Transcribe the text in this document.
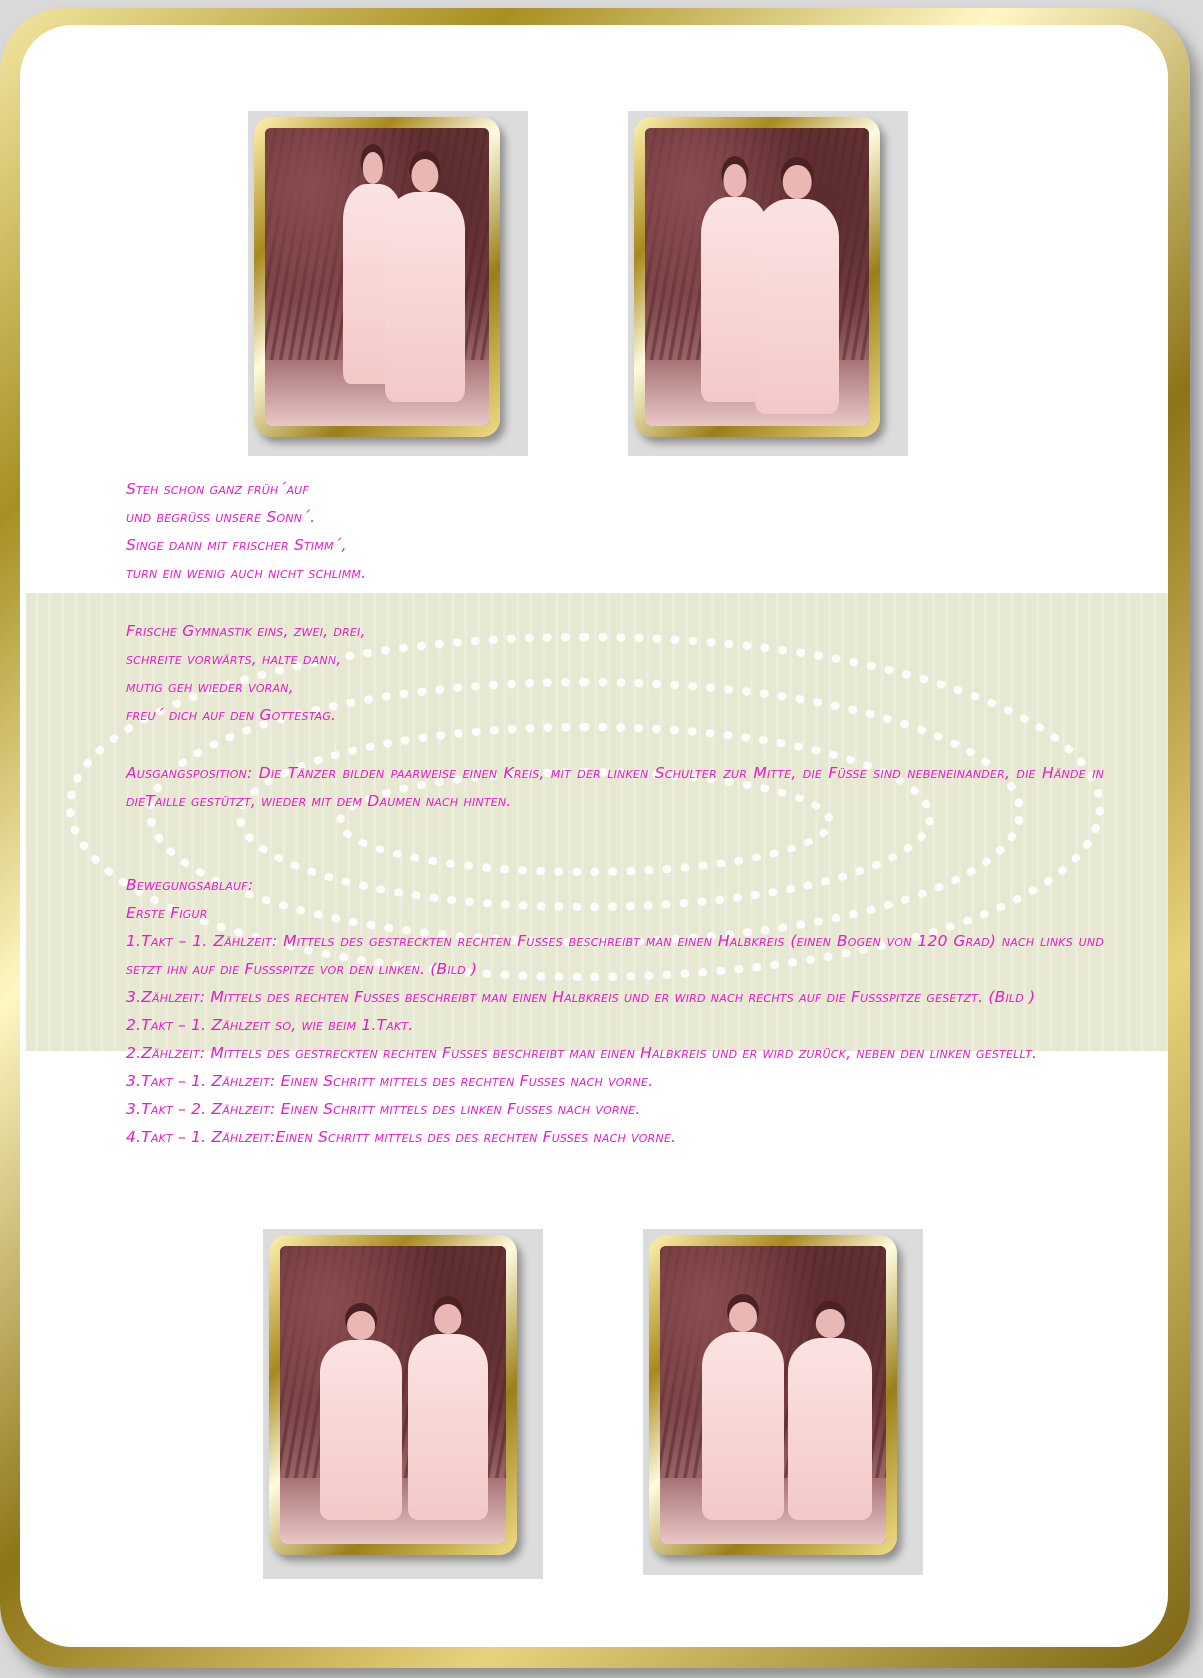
Steh schon ganz früh´auf
und begrüss unsere Sonn´.
Singe dann mit frischer Stimm´,
turn ein wenig auch nicht schlimm.
Frische Gymnastik eins, zwei, drei,
schreite vorwärts, halte dann,
mutig geh wieder voran,
freu´ dich auf den Gottestag.
Ausgangsposition: Die Tänzer bilden paarweise einen Kreis, mit der linken Schulter zur Mitte, die Füsse sind nebeneinander, die Hände in dieTaille gestützt, wieder mit dem Daumen nach hinten.
Bewegungsablauf:
Erste Figur
1.Takt – 1. Zählzeit: Mittels des gestreckten rechten Fusses beschreibt man einen Halbkreis (einen Bogen von 120 Grad) nach links und setzt ihn auf die Fussspitze vor den linken. (Bild )
3.Zählzeit: Mittels des rechten Fusses beschreibt man einen Halbkreis und er wird nach rechts auf die Fussspitze gesetzt. (Bild )
2.Takt – 1. Zählzeit so, wie beim 1.Takt.
2.Zählzeit: Mittels des gestreckten rechten Fusses beschreibt man einen Halbkreis und er wird zurück, neben den linken gestellt.
3.Takt – 1. Zählzeit: Einen Schritt mittels des rechten Fusses nach vorne.
3.Takt – 2. Zählzeit: Einen Schritt mittels des linken Fusses nach vorne.
4.Takt – 1. Zählzeit:Einen Schritt mittels des des rechten Fusses nach vorne.
